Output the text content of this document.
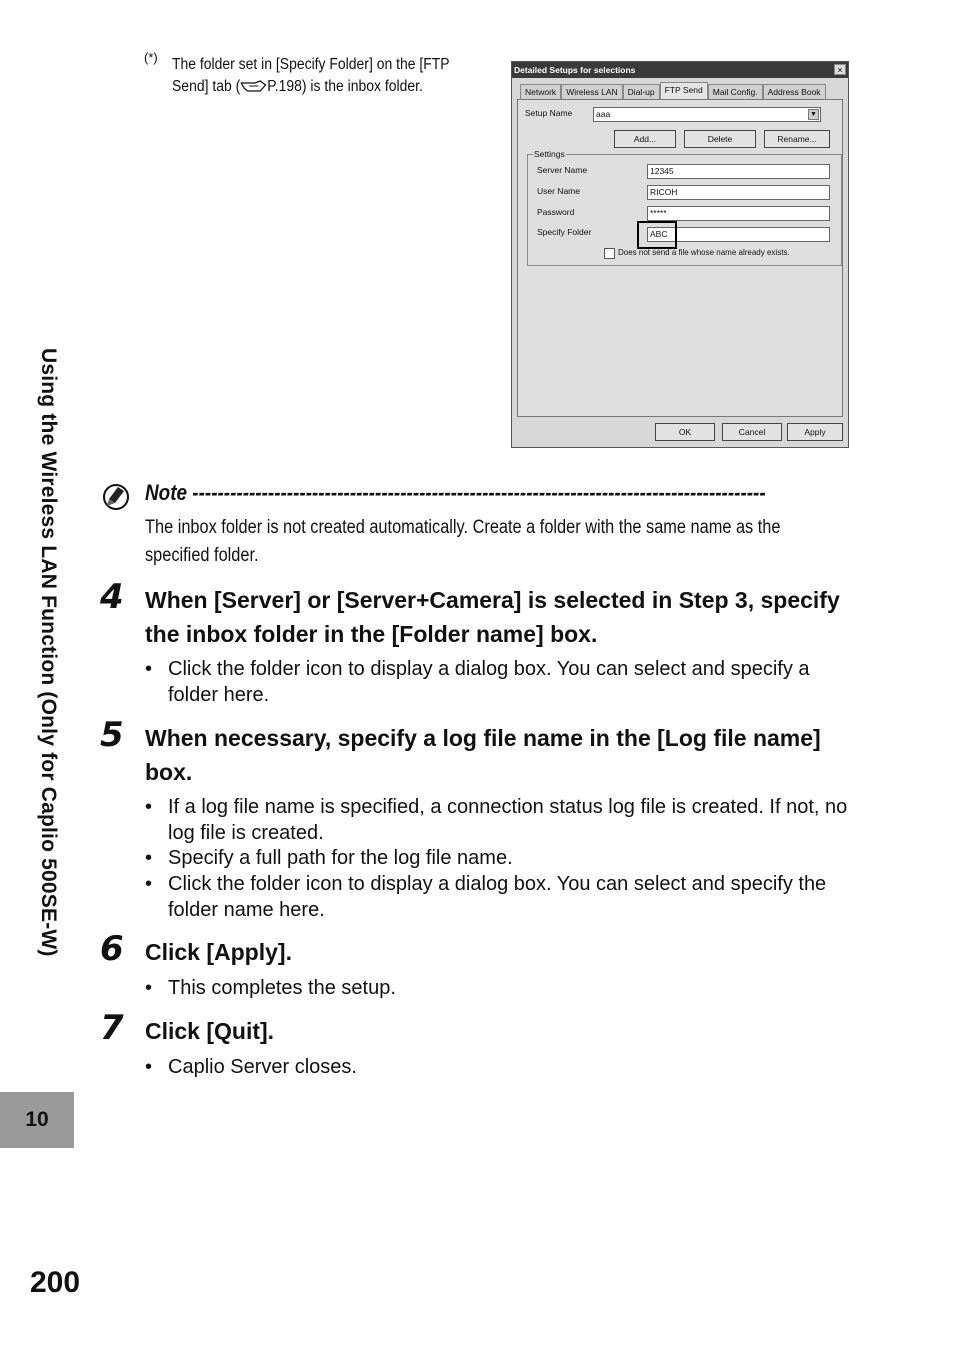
Using the Wireless LAN Function (Only for Caplio 500SE-W)
10
200
(*) The folder set in [Specify Folder] on the [FTP Send] tab ( P.198) is the inbox folder.
Detailed Setups for selections	×
Network	Wireless LAN	Dial-up	FTP Send	Mail Config.	Address Book
Setup Name	aaa	▼
Add...	Delete	Rename...
Settings
Server Name	12345
User Name	RICOH
Password	*****
Specify Folder	ABC
Does not send a file whose name already exists.
OK	Cancel	Apply
Note -------------------------------------------------------------------------------------------
The inbox folder is not created automatically. Create a folder with the same name as the specified folder.
4 When [Server] or [Server+Camera] is selected in Step 3, specify the inbox folder in the [Folder name] box.
• Click the folder icon to display a dialog box. You can select and specify a folder here.
5 When necessary, specify a log file name in the [Log file name] box.
• If a log file name is specified, a connection status log file is created. If not, no log file is created.
• Specify a full path for the log file name.
• Click the folder icon to display a dialog box. You can select and specify the folder name here.
6 Click [Apply].
• This completes the setup.
7 Click [Quit].
• Caplio Server closes.
